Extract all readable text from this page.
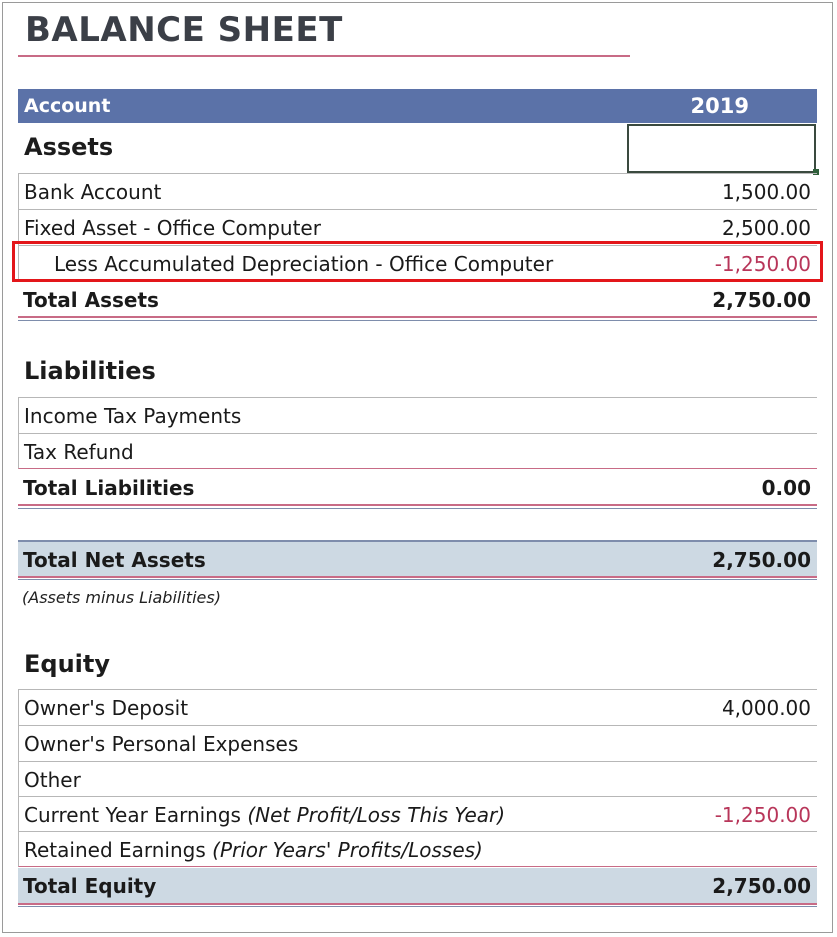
BALANCE SHEET
Account	2019
Assets
Bank Account	1,500.00
Fixed Asset - Office Computer	2,500.00
Less Accumulated Depreciation - Office Computer	-1,250.00
Total Assets	2,750.00
Liabilities
Income Tax Payments
Tax Refund
Total Liabilities	0.00
Total Net Assets	2,750.00
(Assets minus Liabilities)
Equity
Owner's Deposit	4,000.00
Owner's Personal Expenses
Other
Current Year Earnings (Net Profit/Loss This Year)	-1,250.00
Retained Earnings (Prior Years' Profits/Losses)
Total Equity	2,750.00
